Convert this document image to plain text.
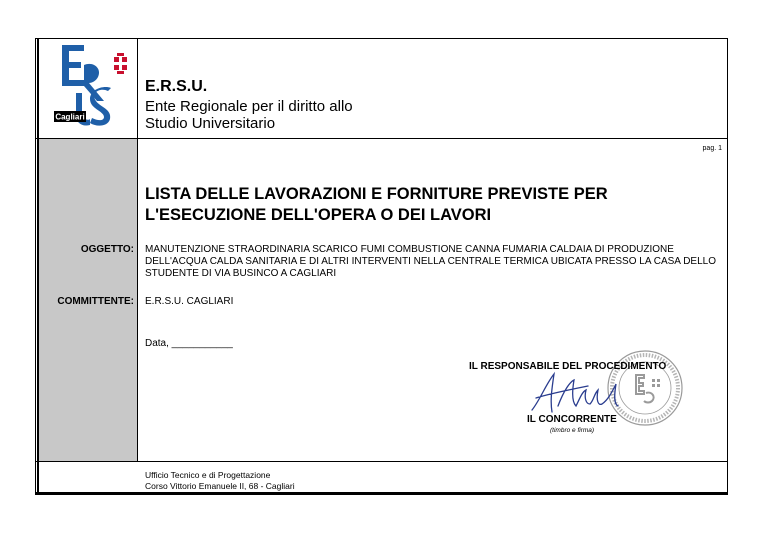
Cagliari
E.R.S.U.
Ente Regionale per il diritto allo
Studio Universitario
pag. 1
LISTA DELLE LAVORAZIONI E FORNITURE PREVISTE PER L'ESECUZIONE DELL'OPERA O DEI LAVORI
OGGETTO: MANUTENZIONE STRAORDINARIA SCARICO FUMI COMBUSTIONE CANNA FUMARIA CALDAIA DI PRODUZIONE DELL'ACQUA CALDA SANITARIA E DI ALTRI INTERVENTI NELLA CENTRALE TERMICA UBICATA PRESSO LA CASA DELLO STUDENTE DI VIA BUSINCO A CAGLIARI
COMMITTENTE: E.R.S.U. CAGLIARI
Data, ___________
IL RESPONSABILE DEL PROCEDIMENTO
IL CONCORRENTE
(timbro e firma)
Ufficio Tecnico e di Progettazione
Corso Vittorio Emanuele II, 68 - Cagliari
